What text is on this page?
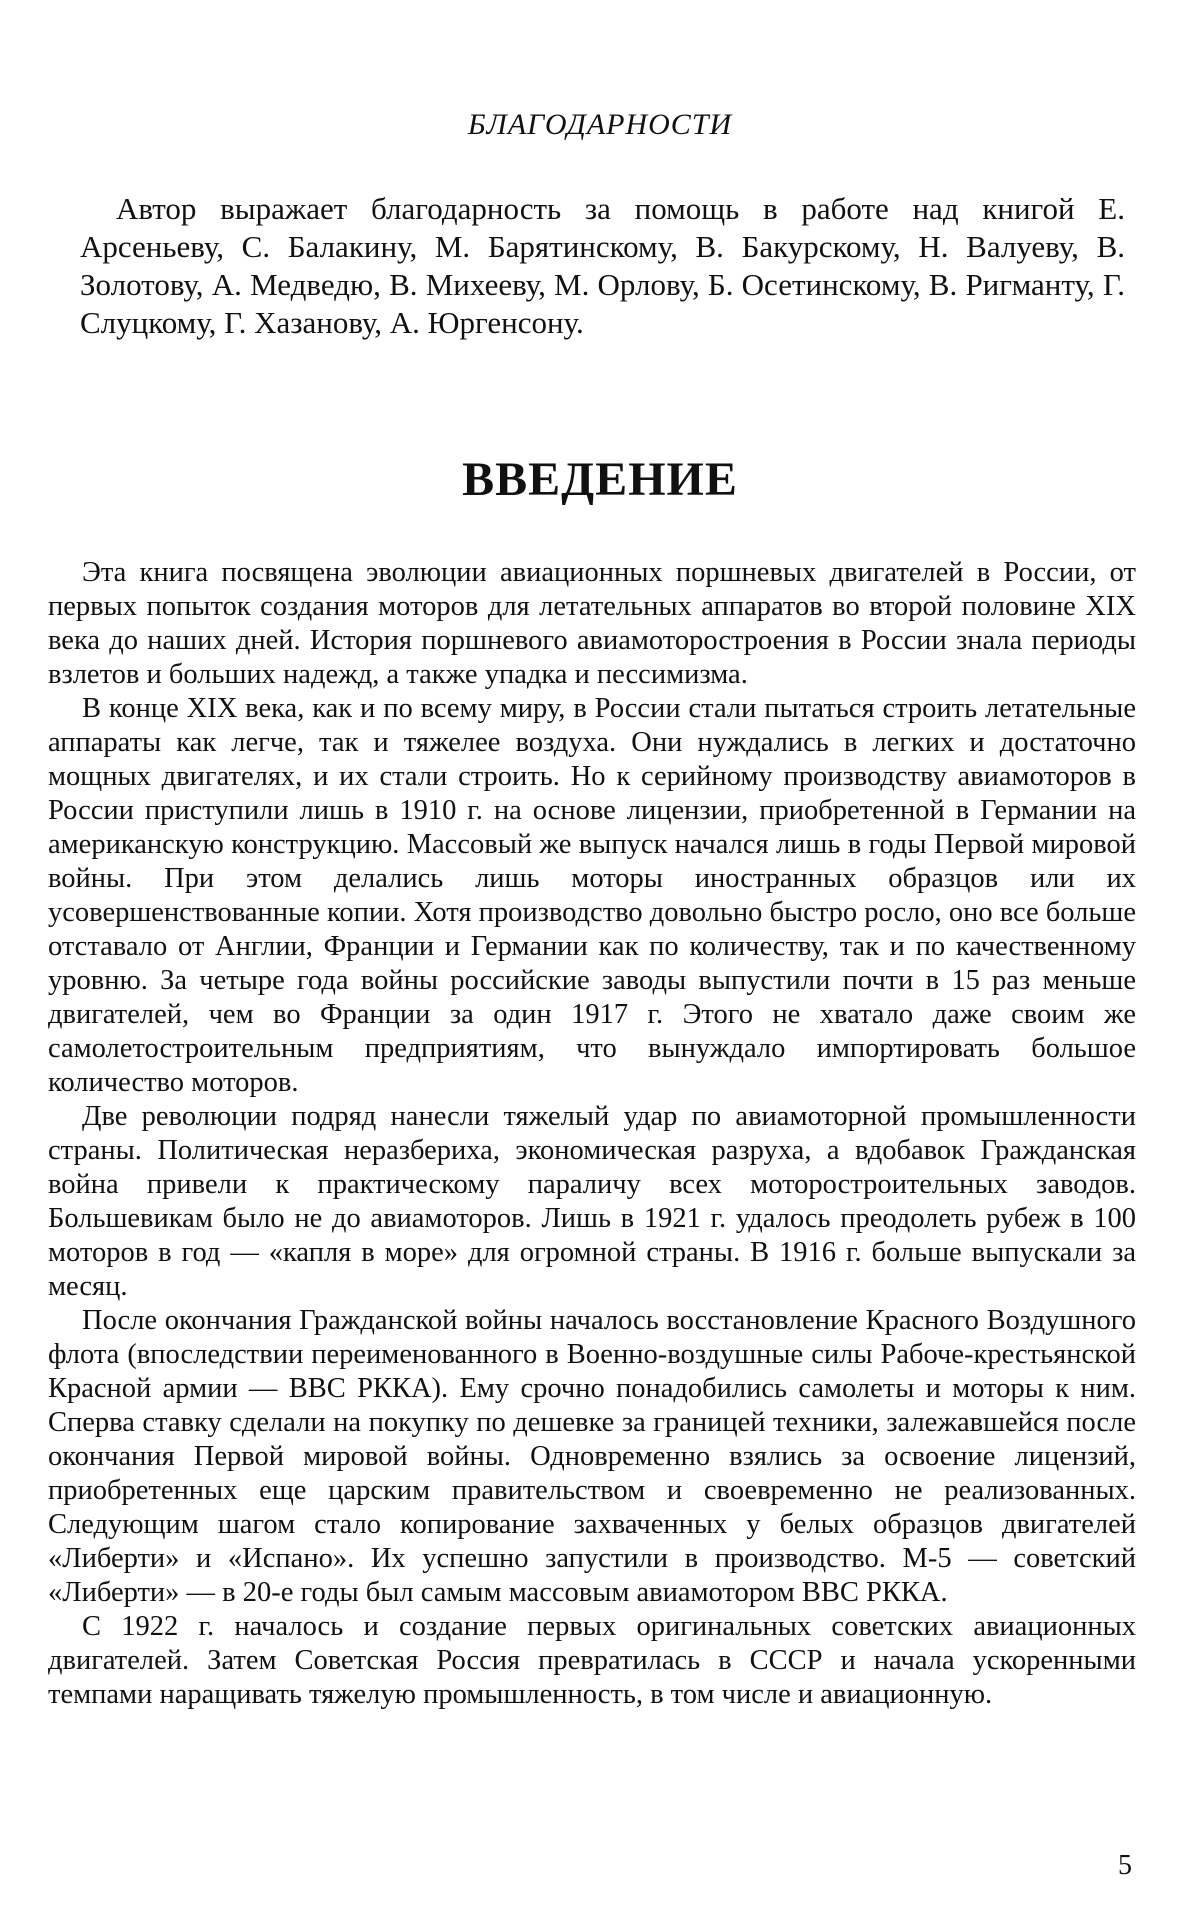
БЛАГОДАРНОСТИ

Автор выражает благодарность за помощь в работе над книгой Е. Арсеньеву, С. Балакину, М. Барятинскому, В. Бакурскому, Н. Валуеву, В. Золотову, А. Медведю, В. Михееву, М. Орлову, Б. Осетинскому, В. Ригманту, Г. Слуцкому, Г. Хазанову, А. Юргенсону.

ВВЕДЕНИЕ

Эта книга посвящена эволюции авиационных поршневых двигателей в России, от первых попыток создания моторов для летательных аппаратов во второй половине XIX века до наших дней. История поршневого авиамоторостроения в России знала периоды взлетов и больших надежд, а также упадка и пессимизма.

В конце XIX века, как и по всему миру, в России стали пытаться строить летательные аппараты как легче, так и тяжелее воздуха. Они нуждались в легких и достаточно мощных двигателях, и их стали строить. Но к серийному производству авиамоторов в России приступили лишь в 1910 г. на основе лицензии, приобретенной в Германии на американскую конструкцию. Массовый же выпуск начался лишь в годы Первой мировой войны. При этом делались лишь моторы иностранных образцов или их усовершенствованные копии. Хотя производство довольно быстро росло, оно все больше отставало от Англии, Франции и Германии как по количеству, так и по качественному уровню. За четыре года войны российские заводы выпустили почти в 15 раз меньше двигателей, чем во Франции за один 1917 г. Этого не хватало даже своим же самолетостроительным предприятиям, что вынуждало импортировать большое количество моторов.

Две революции подряд нанесли тяжелый удар по авиамоторной промышленности страны. Политическая неразбериха, экономическая разруха, а вдобавок Гражданская война привели к практическому параличу всех моторостроительных заводов. Большевикам было не до авиамоторов. Лишь в 1921 г. удалось преодолеть рубеж в 100 моторов в год — «капля в море» для огромной страны. В 1916 г. больше выпускали за месяц.

После окончания Гражданской войны началось восстановление Красного Воздушного флота (впоследствии переименованного в Военно-воздушные силы Рабоче-крестьянской Красной армии — ВВС РККА). Ему срочно понадобились самолеты и моторы к ним. Сперва ставку сделали на покупку по дешевке за границей техники, залежавшейся после окончания Первой мировой войны. Одновременно взялись за освоение лицензий, приобретенных еще царским правительством и своевременно не реализованных. Следующим шагом стало копирование захваченных у белых образцов двигателей «Либерти» и «Испано». Их успешно запустили в производство. М-5 — советский «Либерти» — в 20-е годы был самым массовым авиамотором ВВС РККА.

С 1922 г. началось и создание первых оригинальных советских авиационных двигателей. Затем Советская Россия превратилась в СССР и начала ускоренными темпами наращивать тяжелую промышленность, в том числе и авиационную.

5
